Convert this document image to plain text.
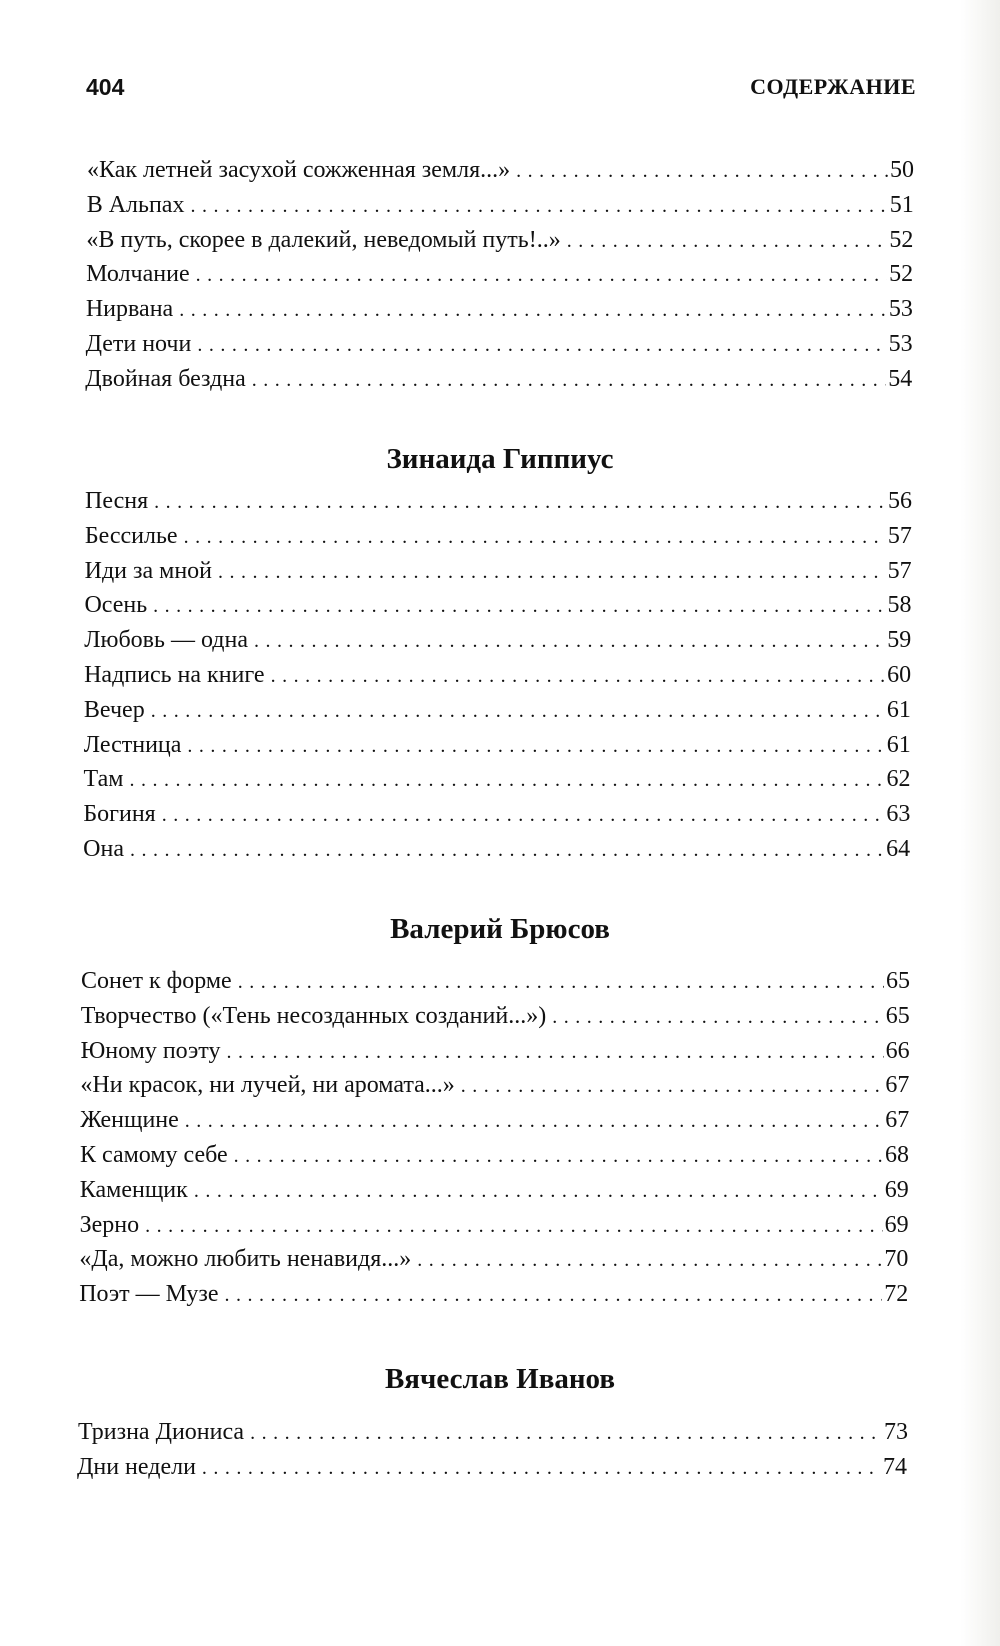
404	СОДЕРЖАНИЕ
«Как летней засухой сожженная земля...» . . .	50
В Альпах . . .	51
«В путь, скорее в далекий, неведомый путь!..» . . .	52
Молчание . . .	52
Нирвана . . .	53
Дети ночи . . .	53
Двойная бездна . . .	54
Зинаида Гиппиус
Песня . . .	56
Бессилье . . .	57
Иди за мной . . .	57
Осень . . .	58
Любовь — одна . . .	59
Надпись на книге . . .	60
Вечер . . .	61
Лестница . . .	61
Там . . .	62
Богиня . . .	63
Она . . .	64
Валерий Брюсов
Сонет к форме . . .	65
Творчество («Тень несозданных созданий...») . . .	65
Юному поэту . . .	66
«Ни красок, ни лучей, ни аромата...» . . .	67
Женщине . . .	67
К самому себе . . .	68
Каменщик . . .	69
Зерно . . .	69
«Да, можно любить ненавидя...» . . .	70
Поэт — Музе . . .	72
Вячеслав Иванов
Тризна Диониса . . .	73
Дни недели . . .	74
